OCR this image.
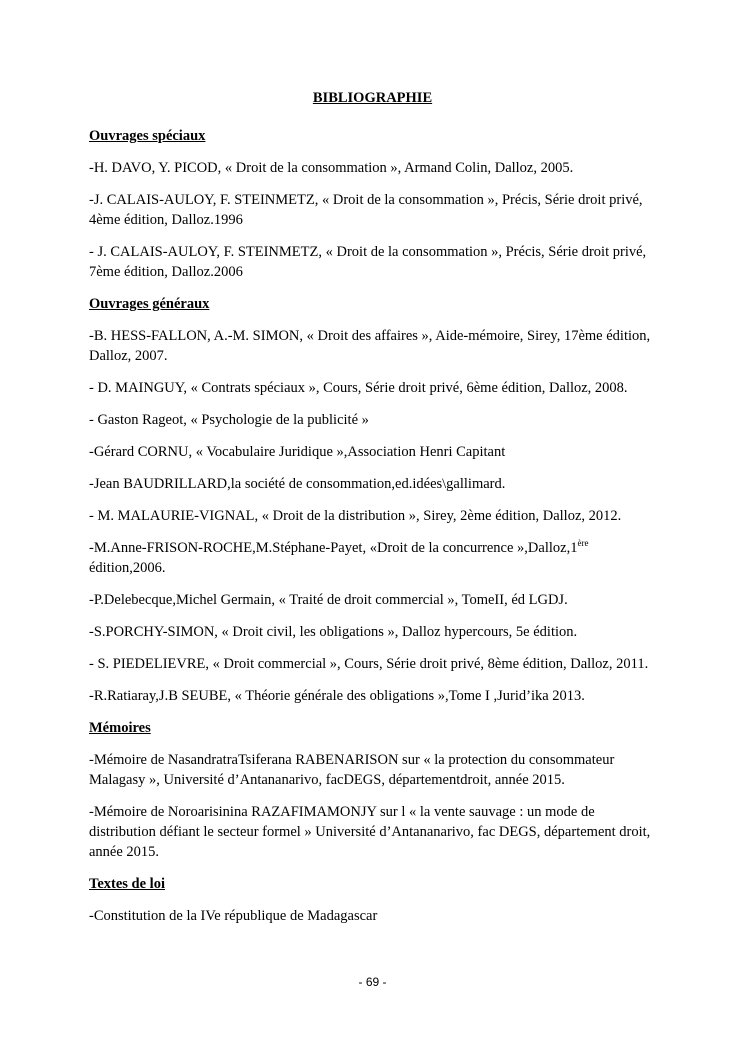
BIBLIOGRAPHIE
Ouvrages spéciaux
-H. DAVO, Y. PICOD, « Droit de la consommation », Armand Colin, Dalloz, 2005.
-J. CALAIS-AULOY, F. STEINMETZ, « Droit de la consommation », Précis, Série droit privé, 4ème édition, Dalloz.1996
- J. CALAIS-AULOY, F. STEINMETZ, « Droit de la consommation », Précis, Série droit privé, 7ème édition, Dalloz.2006
Ouvrages généraux
-B. HESS-FALLON, A.-M. SIMON, « Droit des affaires », Aide-mémoire, Sirey, 17ème édition, Dalloz, 2007.
- D. MAINGUY, « Contrats spéciaux », Cours, Série droit privé, 6ème édition, Dalloz, 2008.
- Gaston Rageot, « Psychologie de la publicité »
-Gérard CORNU, « Vocabulaire Juridique »,Association Henri Capitant
-Jean BAUDRILLARD,la société de consommation,ed.idées\gallimard.
- M. MALAURIE-VIGNAL, « Droit de la distribution », Sirey, 2ème édition, Dalloz, 2012.
-M.Anne-FRISON-ROCHE,M.Stéphane-Payet, «Droit de la concurrence »,Dalloz,1ère édition,2006.
-P.Delebecque,Michel Germain, « Traité de droit commercial », TomeII, éd LGDJ.
-S.PORCHY-SIMON, « Droit civil, les obligations », Dalloz hypercours, 5e édition.
- S. PIEDELIEVRE, « Droit commercial », Cours, Série droit privé, 8ème édition, Dalloz, 2011.
-R.Ratiaray,J.B SEUBE, « Théorie générale des obligations »,Tome I ,Jurid’ika 2013.
Mémoires
-Mémoire de NasandratraTsiferana RABENARISON sur « la protection du consommateur Malagasy », Université d’Antananarivo, facDEGS, départementdroit, année 2015.
-Mémoire de Noroarisinina RAZAFIMAMONJY sur l « la vente sauvage : un mode de distribution défiant le secteur formel » Université d’Antananarivo, fac DEGS, département droit, année 2015.
Textes de loi
-Constitution de la IVe république de Madagascar
- 69 -
